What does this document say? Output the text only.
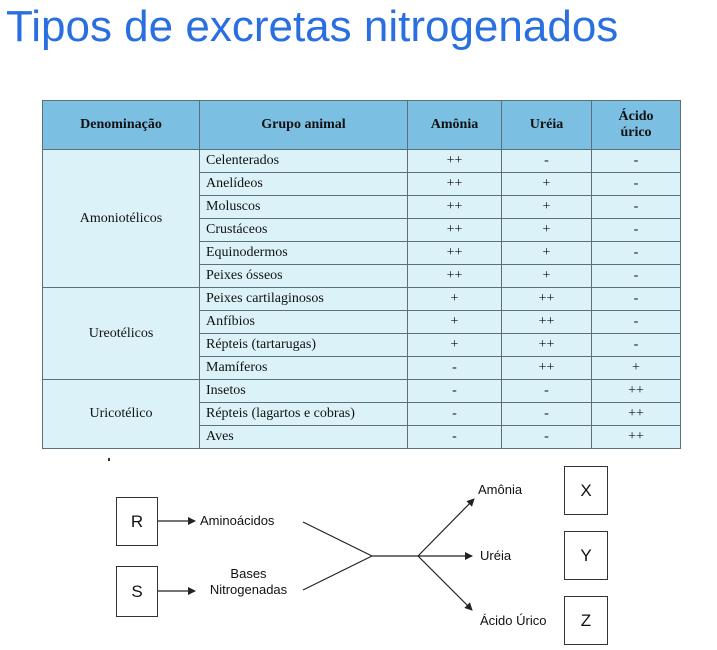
Tipos de excretas nitrogenados
Denominação	Grupo animal	Amônia	Uréia	Ácido úrico
Amoniotélicos	Celenterados	++	-	-
	Anelídeos	++	+	-
	Moluscos	++	+	-
	Crustáceos	++	+	-
	Equinodermos	++	+	-
	Peixes ósseos	++	+	-
Ureotélicos	Peixes cartilaginosos	+	++	-
	Anfíbios	+	++	-
	Répteis (tartarugas)	+	++	-
	Mamíferos	-	++	+
Uricotélico	Insetos	-	-	++
	Répteis (lagartos e cobras)	-	-	++
	Aves	-	-	++
R
S
Aminoácidos
Bases
Nitrogenadas
Amônia
Uréia
Ácido Úrico
X
Y
Z
